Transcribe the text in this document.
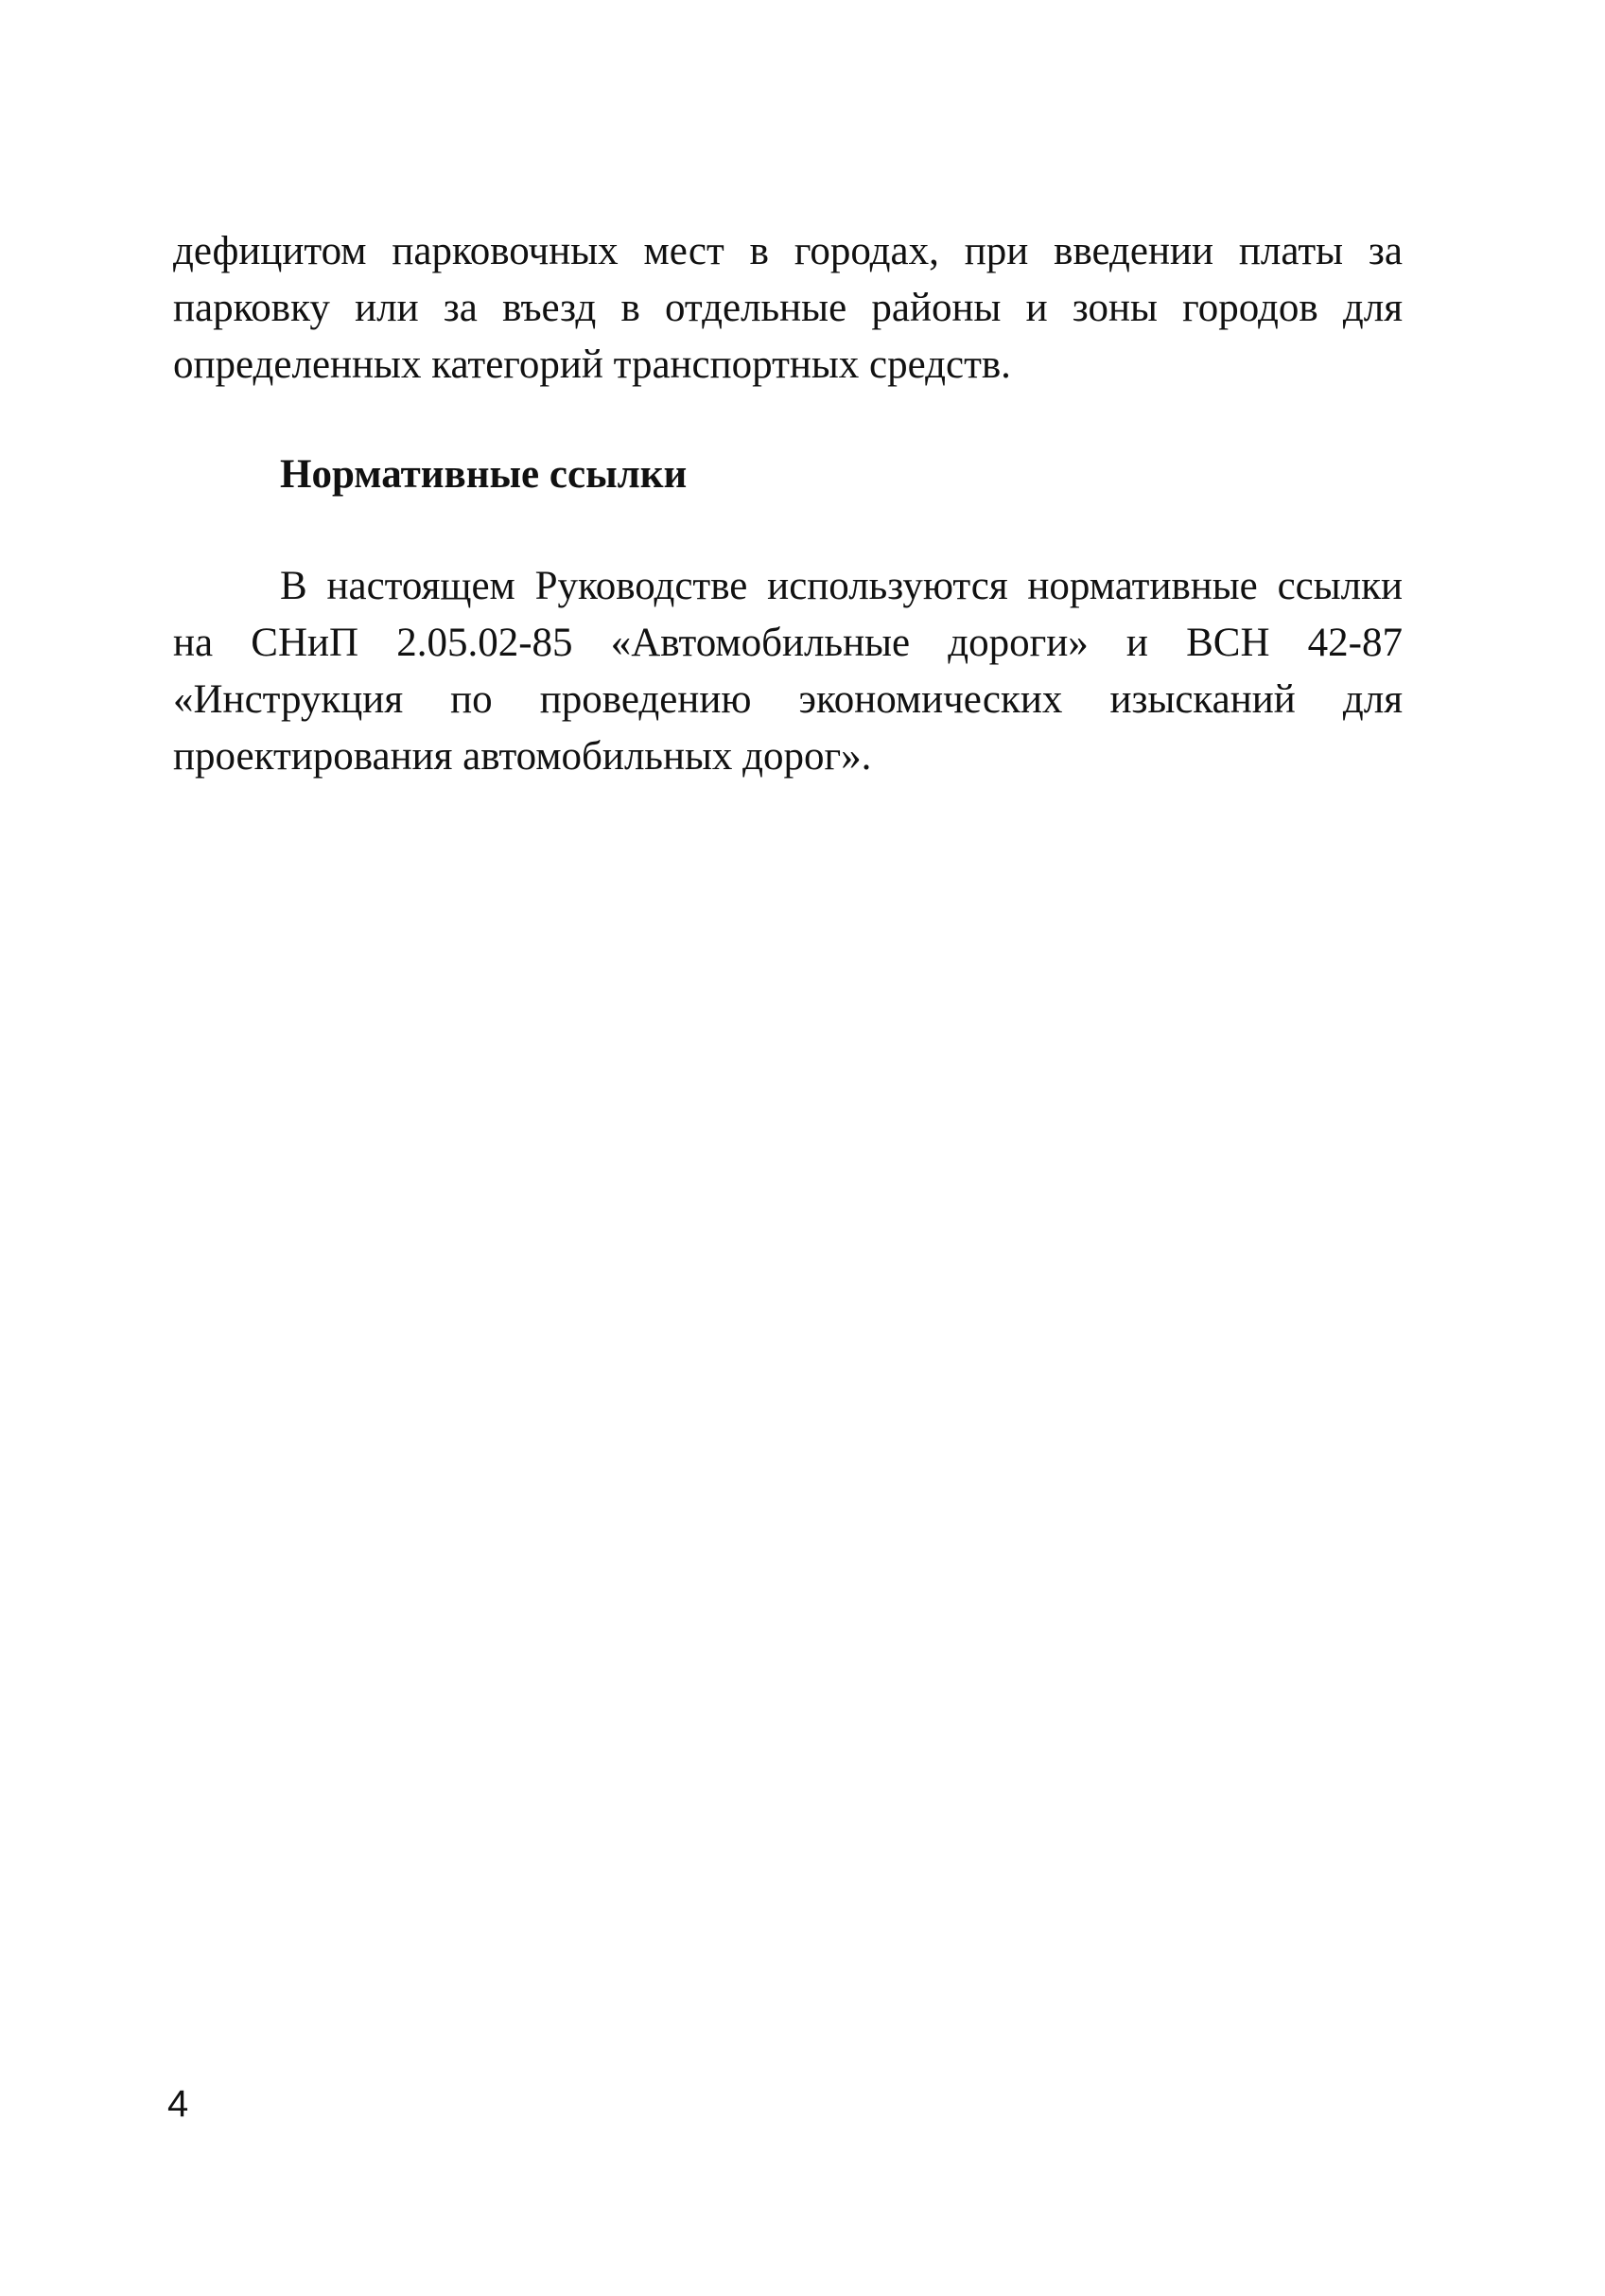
дефицитом парковочных мест в городах, при введении платы за
парковку или за въезд в отдельные районы и зоны городов для
определенных категорий транспортных средств.
Нормативные ссылки
В настоящем Руководстве используются нормативные ссылки
на СНиП 2.05.02-85 «Автомобильные дороги» и ВСН 42-87
«Инструкция по проведению экономических изысканий для
проектирования автомобильных дорог».
4
